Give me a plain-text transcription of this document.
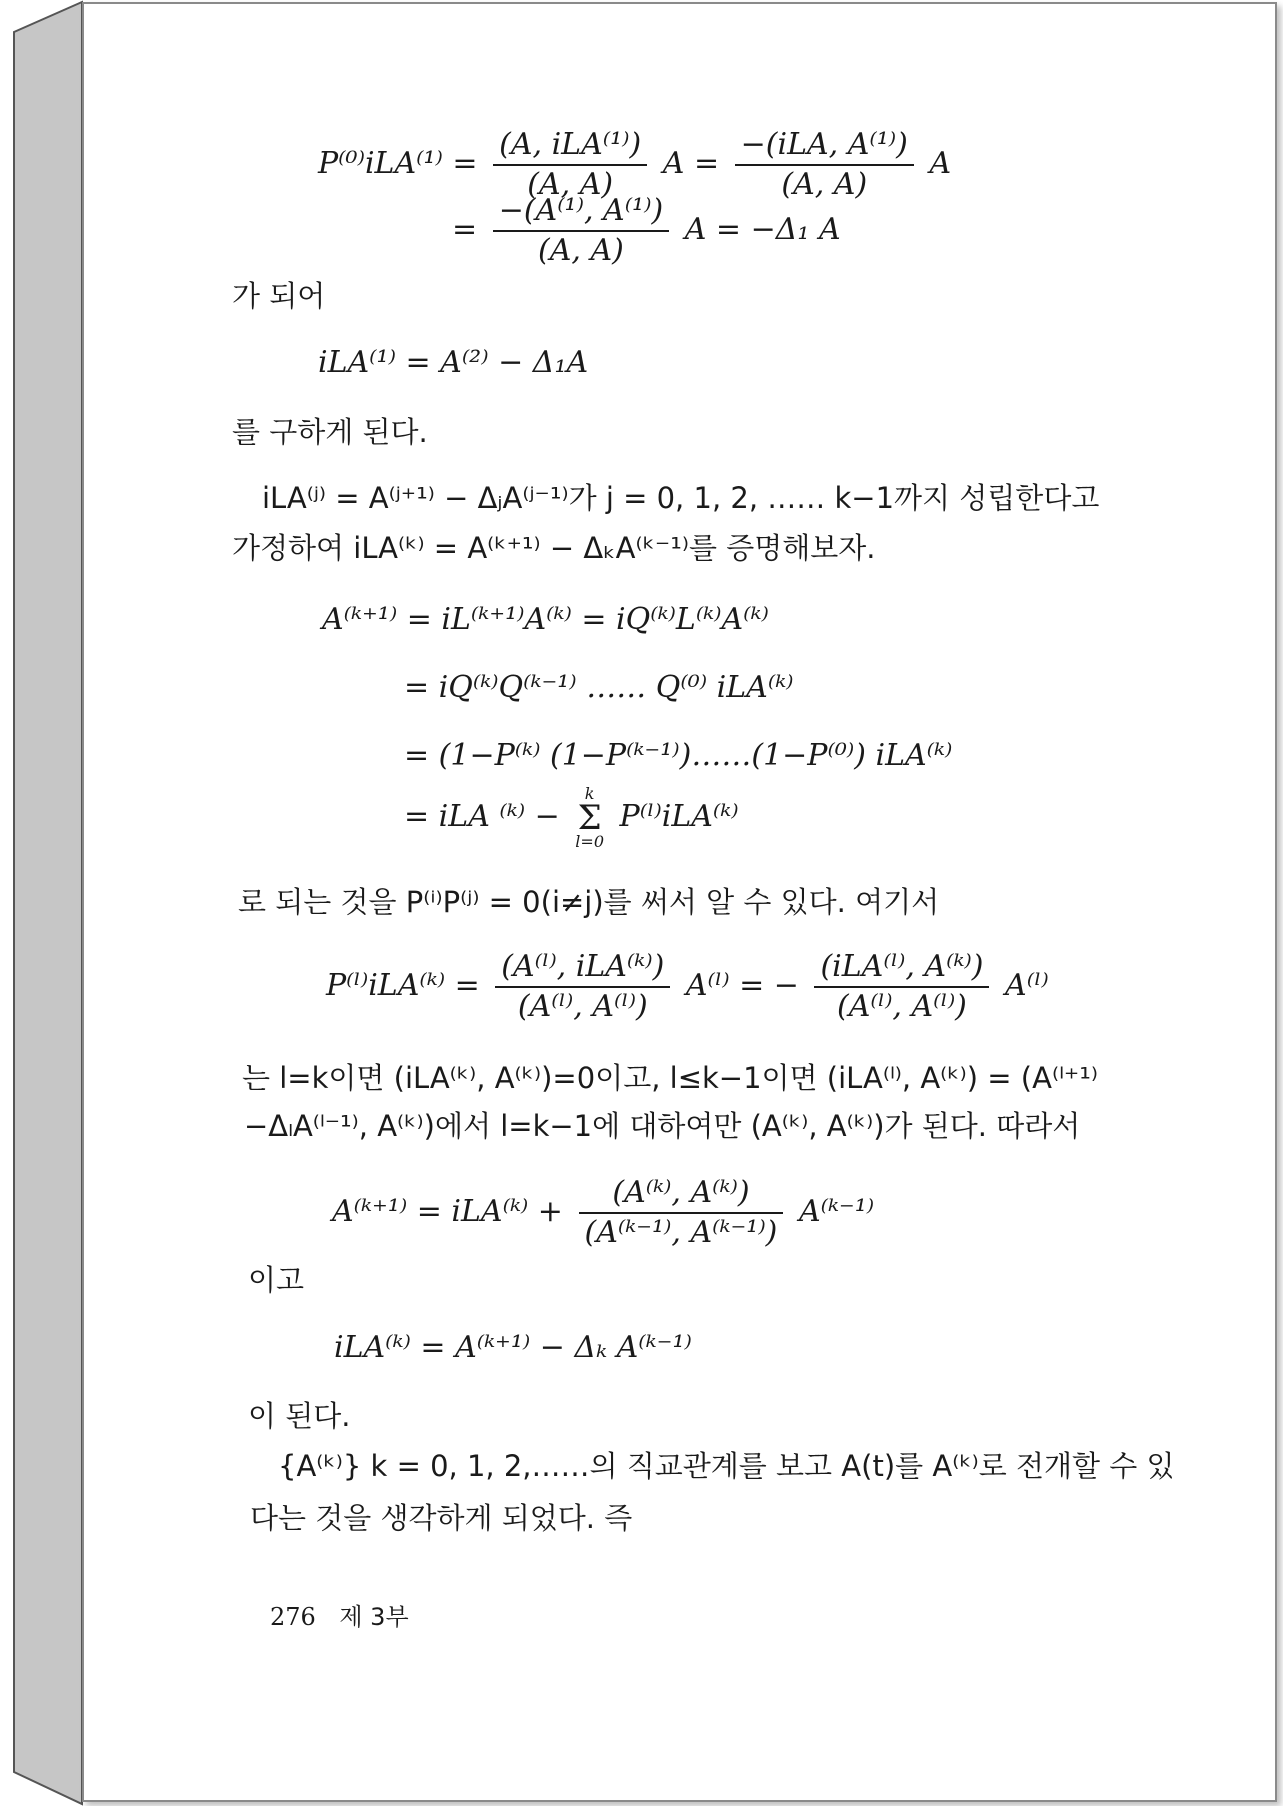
$P^{(0)}iLA^{(1)} = \frac{\text{(A, iLA⁽¹⁾)}}{(A, A)}$ $A = \frac{\text{−(iLA, A⁽¹⁾)}}{(A, A)}$ A
= $\frac{\text{−(A⁽¹⁾, A⁽¹⁾)}}{(A, A)}$ A = −Δ₁ A
가 되어
iLA⁽¹⁾ = A⁽²⁾ − Δ₁A
를 구하게 된다.
iLA⁽ʲ⁾ = A⁽ʲ⁺¹⁾ − ΔⱼA⁽ʲ⁻¹⁾가 j = 0, 1, 2, …… k−1까지 성립한다고
가정하여 iLA⁽ᵏ⁾ = A⁽ᵏ⁺¹⁾ − ΔₖA⁽ᵏ⁻¹⁾를 증명해보자.
A⁽ᵏ⁺¹⁾ = iL⁽ᵏ⁺¹⁾A⁽ᵏ⁾ = iQ⁽ᵏ⁾L⁽ᵏ⁾A⁽ᵏ⁾
= iQ⁽ᵏ⁾Q⁽ᵏ⁻¹⁾ …… Q⁽⁰⁾ iLA⁽ᵏ⁾
= (1−P⁽ᵏ⁾ (1−P⁽ᵏ⁻¹⁾)……(1−P⁽⁰⁾) iLA⁽ᵏ⁾
= iLA ⁽ᵏ⁾ − k
Σ
l=0 P⁽ˡ⁾iLA⁽ᵏ⁾
로 되는 것을 P⁽ⁱ⁾P⁽ʲ⁾ = 0(i≠j)를 써서 알 수 있다. 여기서
P⁽ˡ⁾iLA⁽ᵏ⁾ = $\frac{\text{(A⁽ˡ⁾, iLA⁽ᵏ⁾)}}{\text{(A⁽ˡ⁾, A⁽ˡ⁾)}}$ A⁽ˡ⁾ = − $\frac{\text{(iLA⁽ˡ⁾, A⁽ᵏ⁾)}}{\text{(A⁽ˡ⁾, A⁽ˡ⁾)}}$ A⁽ˡ⁾
는 l=k이면 (iLA⁽ᵏ⁾, A⁽ᵏ⁾)=0이고, l≤k−1이면 (iLA⁽ˡ⁾, A⁽ᵏ⁾) = (A⁽ˡ⁺¹⁾
−ΔₗA⁽ˡ⁻¹⁾, A⁽ᵏ⁾)에서 l=k−1에 대하여만 (A⁽ᵏ⁾, A⁽ᵏ⁾)가 된다. 따라서
A⁽ᵏ⁺¹⁾ = iLA⁽ᵏ⁾ + $\frac{\text{(A⁽ᵏ⁾, A⁽ᵏ⁾)}}{\text{(A⁽ᵏ⁻¹⁾, A⁽ᵏ⁻¹⁾)}}$ A⁽ᵏ⁻¹⁾
이고
iLA⁽ᵏ⁾ = A⁽ᵏ⁺¹⁾ − Δₖ A⁽ᵏ⁻¹⁾
이 된다.
{A⁽ᵏ⁾} k = 0, 1, 2,……의 직교관계를 보고 A(t)를 A⁽ᵏ⁾로 전개할 수 있
다는 것을 생각하게 되었다. 즉
276 제 3부
